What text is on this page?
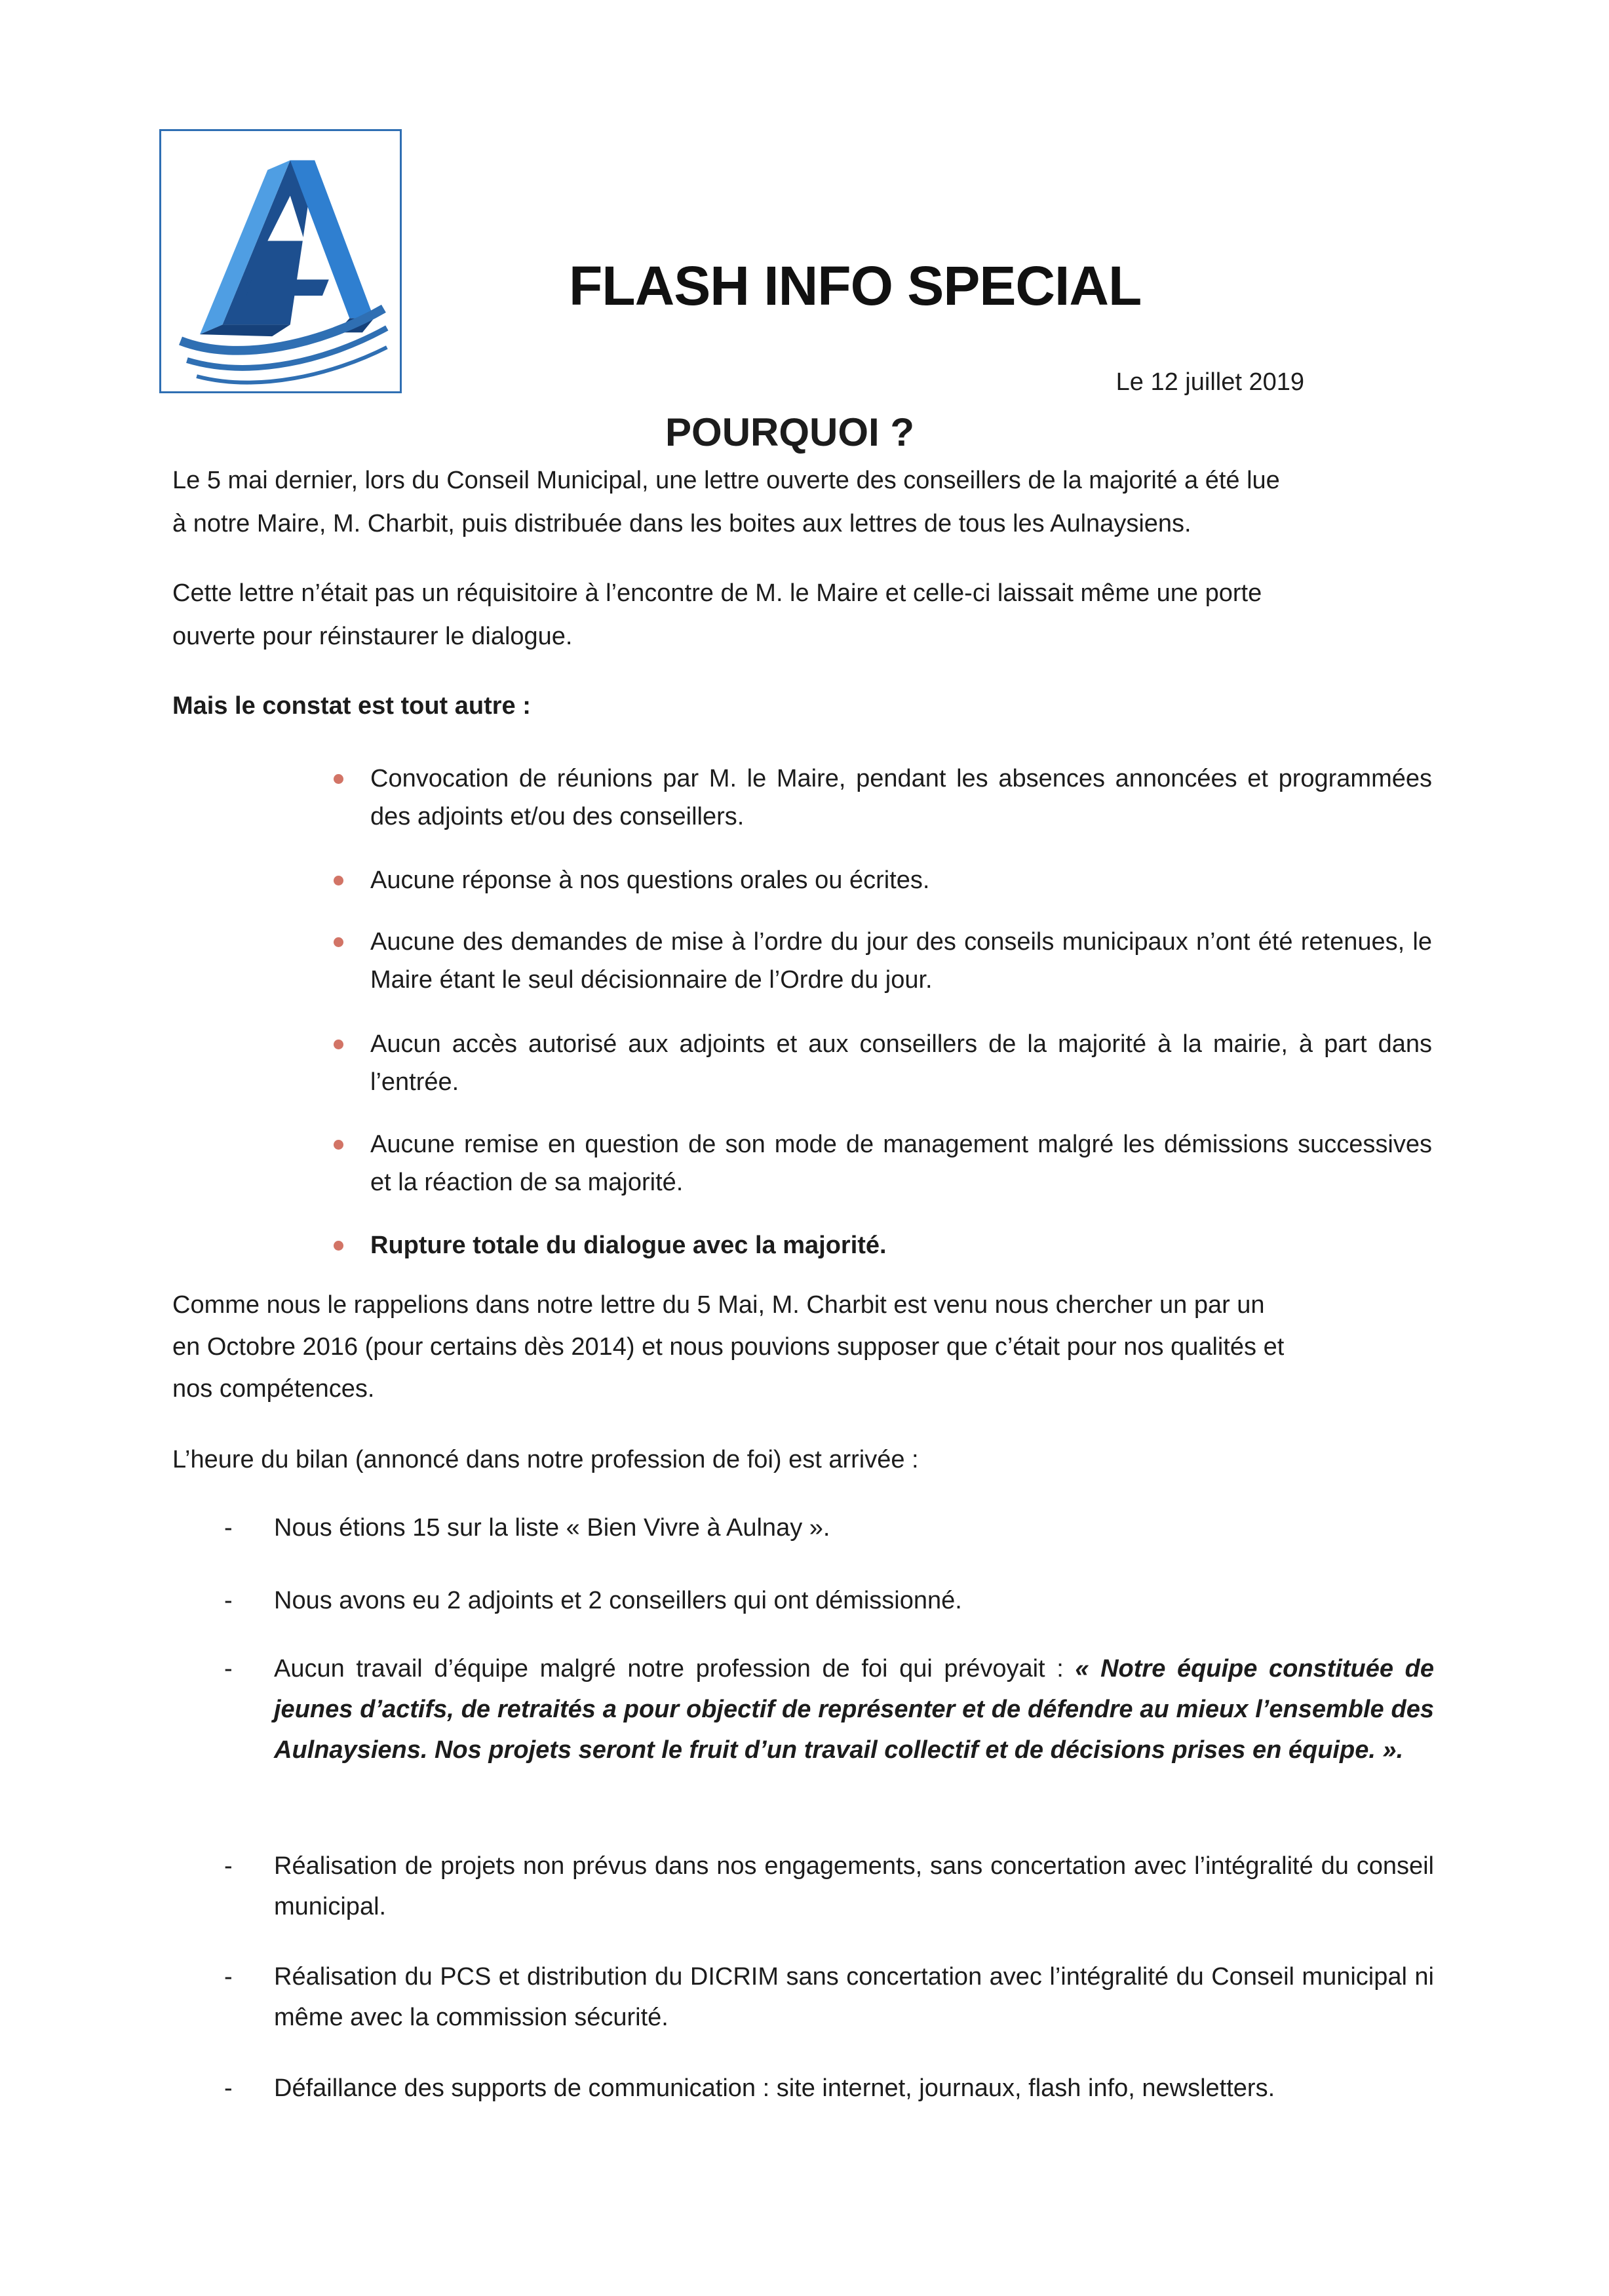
FLASH INFO SPECIAL
Le 12 juillet 2019
POURQUOI ?
Le 5 mai dernier, lors du Conseil Municipal, une lettre ouverte des conseillers de la majorité a été lue
à notre Maire, M. Charbit, puis distribuée dans les boites aux lettres de tous les Aulnaysiens.
Cette lettre n’était pas un réquisitoire à l’encontre de M. le Maire et celle-ci laissait même une porte
ouverte pour réinstaurer le dialogue.
Mais le constat est tout autre :
Convocation de réunions par M. le Maire, pendant les absences annoncées et programmées des adjoints et/ou des conseillers.
Aucune réponse à nos questions orales ou écrites.
Aucune des demandes de mise à l’ordre du jour des conseils municipaux n’ont été retenues, le Maire étant le seul décisionnaire de l’Ordre du jour.
Aucun accès autorisé aux adjoints et aux conseillers de la majorité à la mairie, à part dans l’entrée.
Aucune remise en question de son mode de management malgré les démissions successives et la réaction de sa majorité.
Rupture totale du dialogue avec la majorité.
Comme nous le rappelions dans notre lettre du 5 Mai, M. Charbit est venu nous chercher un par un
en Octobre 2016 (pour certains dès 2014) et nous pouvions supposer que c’était pour nos qualités et
nos compétences.
L’heure du bilan (annoncé dans notre profession de foi) est arrivée :
- Nous étions 15 sur la liste « Bien Vivre à Aulnay ».
- Nous avons eu 2 adjoints et 2 conseillers qui ont démissionné.
- Aucun travail d’équipe malgré notre profession de foi qui prévoyait : « Notre équipe constituée de jeunes d’actifs, de retraités a pour objectif de représenter et de défendre au mieux l’ensemble des Aulnaysiens. Nos projets seront le fruit d’un travail collectif et de décisions prises en équipe. ».
- Réalisation de projets non prévus dans nos engagements, sans concertation avec l’intégralité du conseil municipal.
- Réalisation du PCS et distribution du DICRIM sans concertation avec l’intégralité du Conseil municipal ni même avec la commission sécurité.
- Défaillance des supports de communication : site internet, journaux, flash info, newsletters.
